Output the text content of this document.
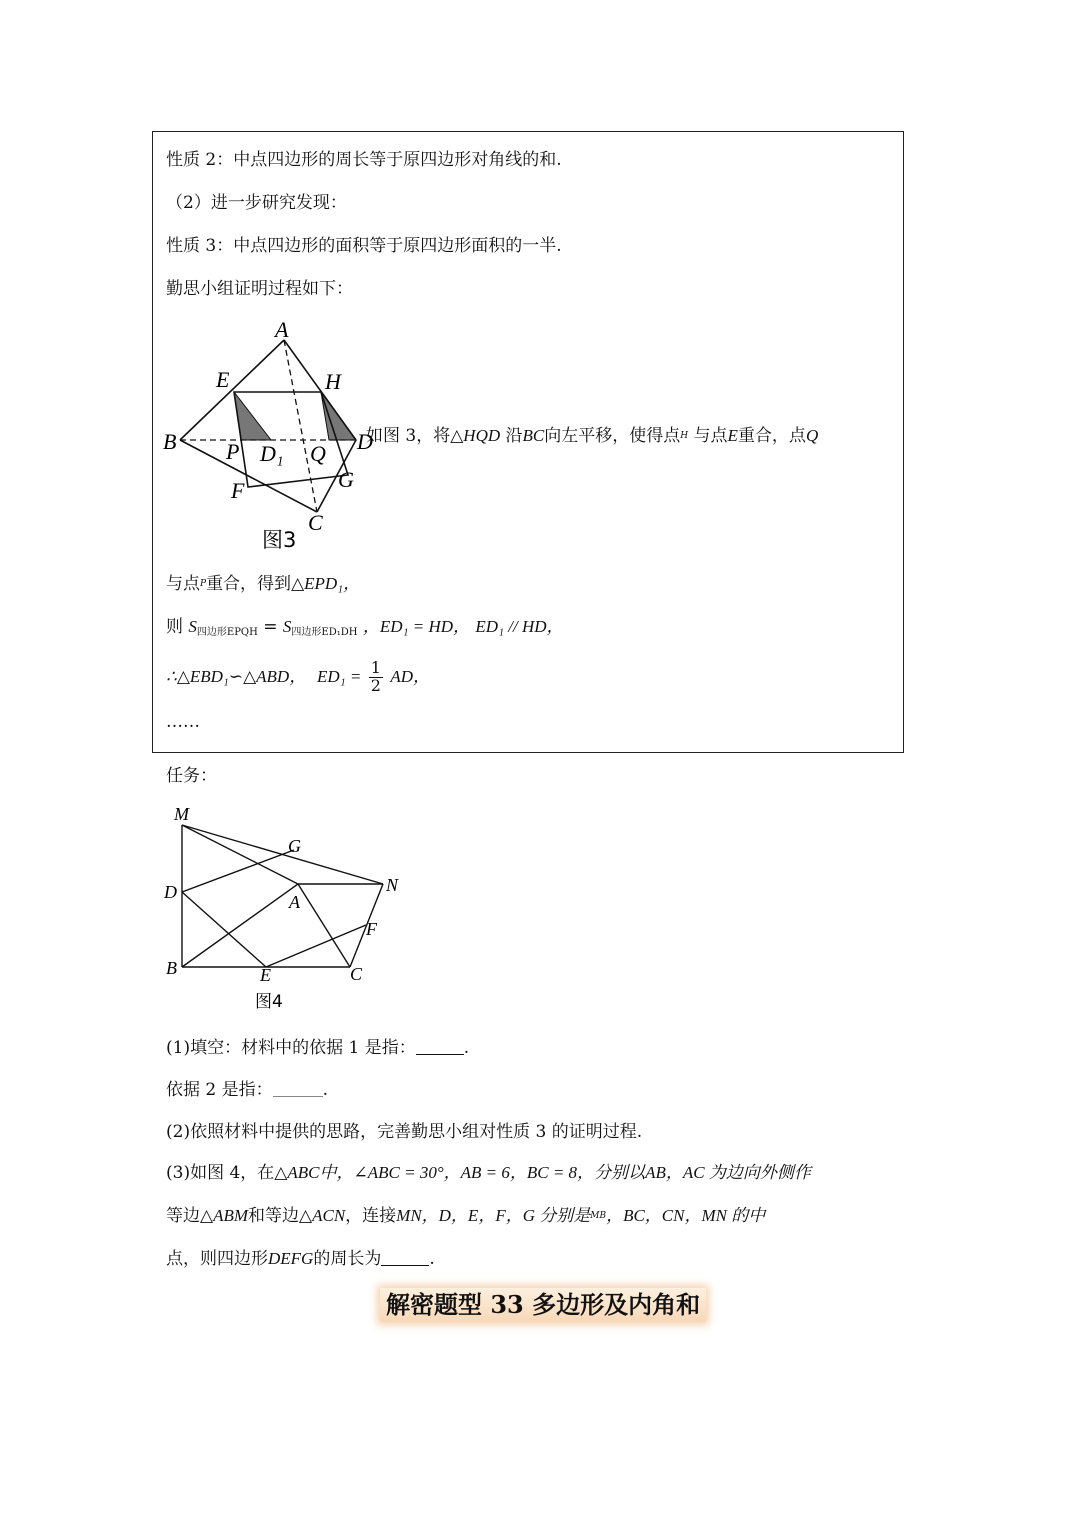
性质 2：中点四边形的周长等于原四边形对角线的和.
（2）进一步研究发现：
性质 3：中点四边形的面积等于原四边形面积的一半.
勤思小组证明过程如下：
A
E	H
B P D₁ Q D
F	G
C
图3
如图 3，将△HQD 沿BC向左平移，使得点H 与点E重合，点Q
与点P重合，得到△EPD₁，
则 $S_{四边形EPQH} = S_{四边形ED_1DH}$ ，ED₁ = HD， ED₁ // HD，
∴△EBD₁∽△ABD， $ED_1 = \frac{1}{2}$ AD，
……
任务：
M
G
D	A
N
F
B	E	C
图4
(1)填空：材料中的依据 1 是指：	.
依据 2 是指：	.
(2)依照材料中提供的思路，完善勤思小组对性质 3 的证明过程.
(3)如图 4，在△ABC中，∠ABC = 30°，AB = 6，BC = 8，分别以AB，AC 为边向外侧作
等边△ABM和等边△ACN，连接MN，D，E，F，G 分别是MB，BC，CN，MN 的中
点，则四边形DEFG的周长为	.
解密题型 33 多边形及内角和
